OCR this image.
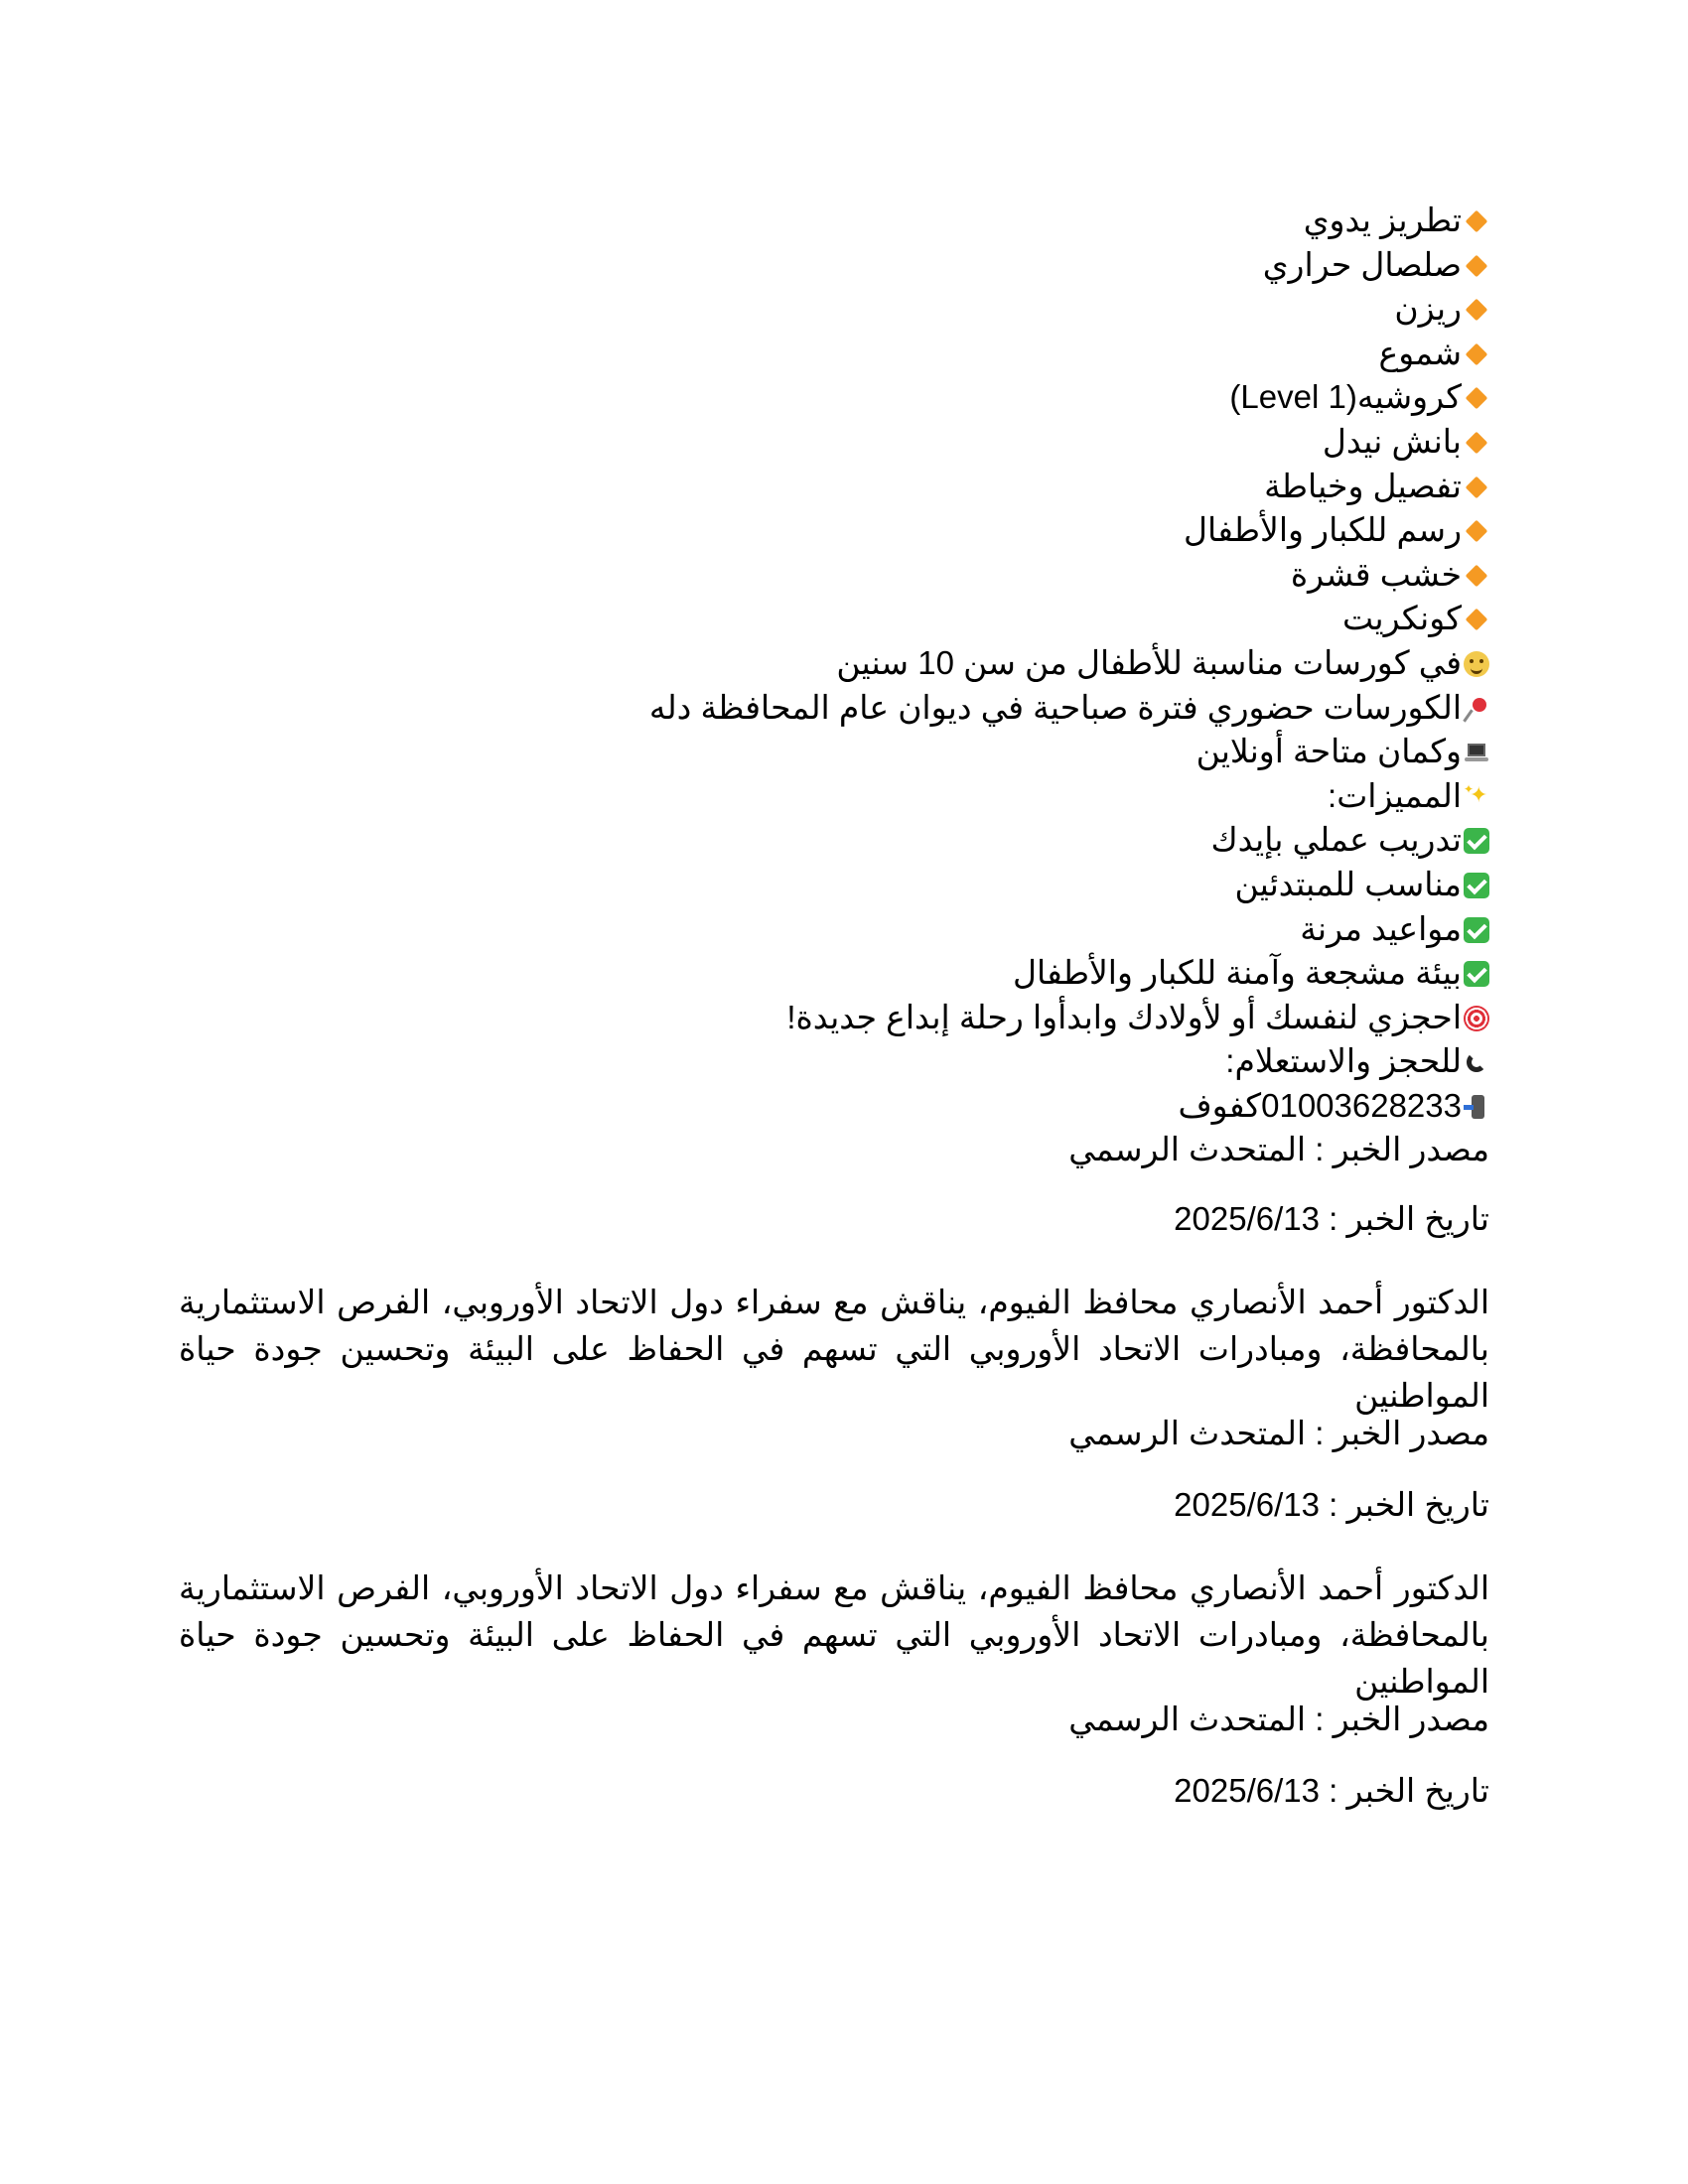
تطريز يدوي
صلصال حراري
ريزن
شموع
كروشيه(Level 1)
بانش نيدل
تفصيل وخياطة
رسم للكبار والأطفال
خشب قشرة
كونكريت
في كورسات مناسبة للأطفال من سن 10 سنين
الكورسات حضوري فترة صباحية في ديوان عام المحافظة دله
وكمان متاحة أونلاين
✦ ✦المميزات:
تدريب عملي بإيدك
مناسب للمبتدئين
مواعيد مرنة
بيئة مشجعة وآمنة للكبار والأطفال
احجزي لنفسك أو لأولادك وابدأوا رحلة إبداع جديدة!
للحجز والاستعلام:
01003628233كفوف
مصدر الخبر : المتحدث الرسمي
تاريخ الخبر : 2025/6/13
الدكتور أحمد الأنصاري محافظ الفيوم، يناقش مع سفراء دول الاتحاد الأوروبي، الفرص الاستثمارية بالمحافظة، ومبادرات الاتحاد الأوروبي التي تسهم في الحفاظ على البيئة وتحسين جودة حياة المواطنين
مصدر الخبر : المتحدث الرسمي
تاريخ الخبر : 2025/6/13
الدكتور أحمد الأنصاري محافظ الفيوم، يناقش مع سفراء دول الاتحاد الأوروبي، الفرص الاستثمارية بالمحافظة، ومبادرات الاتحاد الأوروبي التي تسهم في الحفاظ على البيئة وتحسين جودة حياة المواطنين
مصدر الخبر : المتحدث الرسمي
تاريخ الخبر : 2025/6/13
